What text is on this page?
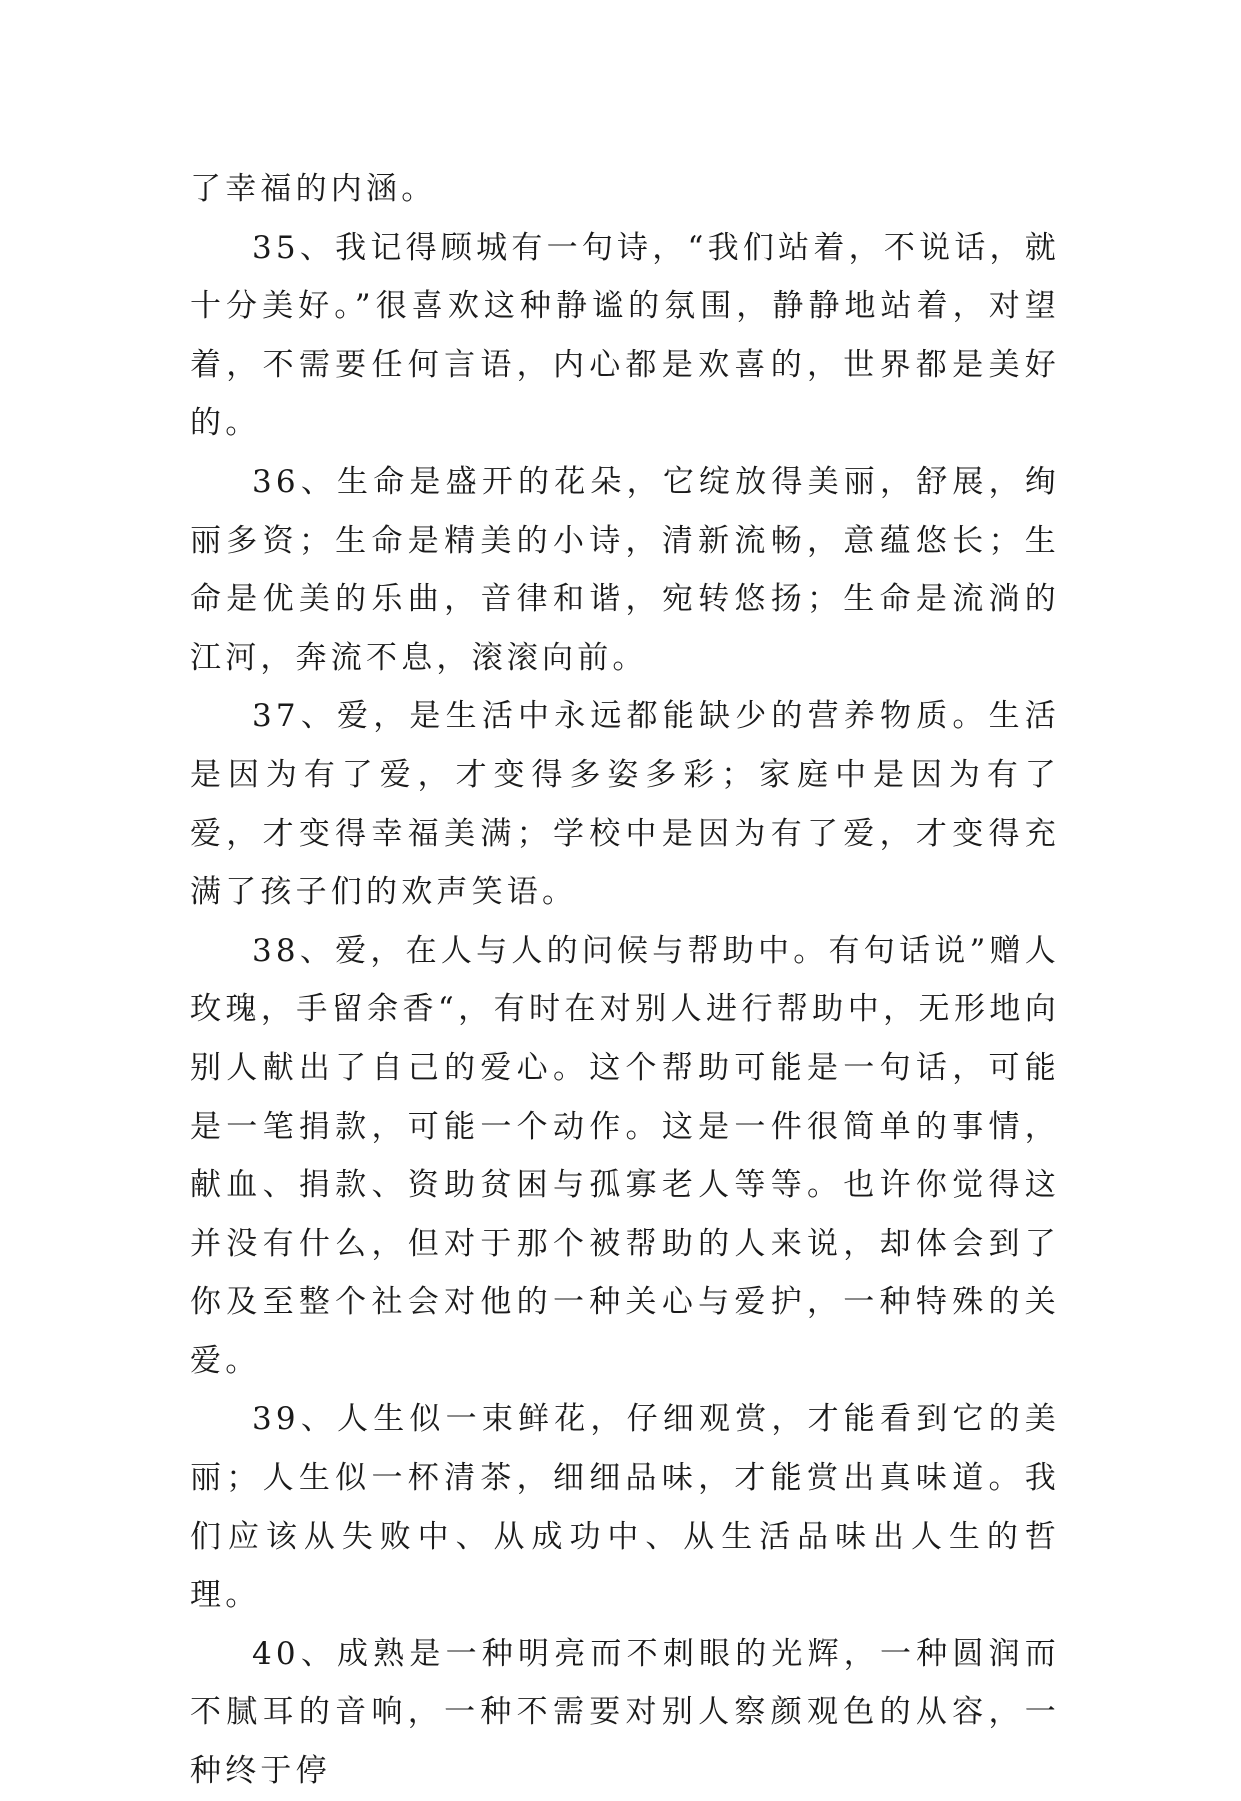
了幸福的内涵。

35、我记得顾城有一句诗，“我们站着，不说话，就十分美好。”很喜欢这种静谧的氛围，静静地站着，对望着，不需要任何言语，内心都是欢喜的，世界都是美好的。

36、生命是盛开的花朵，它绽放得美丽，舒展，绚丽多资；生命是精美的小诗，清新流畅，意蕴悠长；生命是优美的乐曲，音律和谐，宛转悠扬；生命是流淌的江河，奔流不息，滚滚向前。

37、爱，是生活中永远都能缺少的营养物质。生活是因为有了爱，才变得多姿多彩；家庭中是因为有了爱，才变得幸福美满；学校中是因为有了爱，才变得充满了孩子们的欢声笑语。

38、爱，在人与人的问候与帮助中。有句话说”赠人玫瑰，手留余香“，有时在对别人进行帮助中，无形地向别人献出了自己的爱心。这个帮助可能是一句话，可能是一笔捐款，可能一个动作。这是一件很简单的事情，献血、捐款、资助贫困与孤寡老人等等。也许你觉得这并没有什么，但对于那个被帮助的人来说，却体会到了你及至整个社会对他的一种关心与爱护，一种特殊的关爱。

39、人生似一束鲜花，仔细观赏，才能看到它的美丽；人生似一杯清茶，细细品味，才能赏出真味道。我们应该从失败中、从成功中、从生活品味出人生的哲理。

40、成熟是一种明亮而不刺眼的光辉，一种圆润而不腻耳的音响，一种不需要对别人察颜观色的从容，一种终于停
